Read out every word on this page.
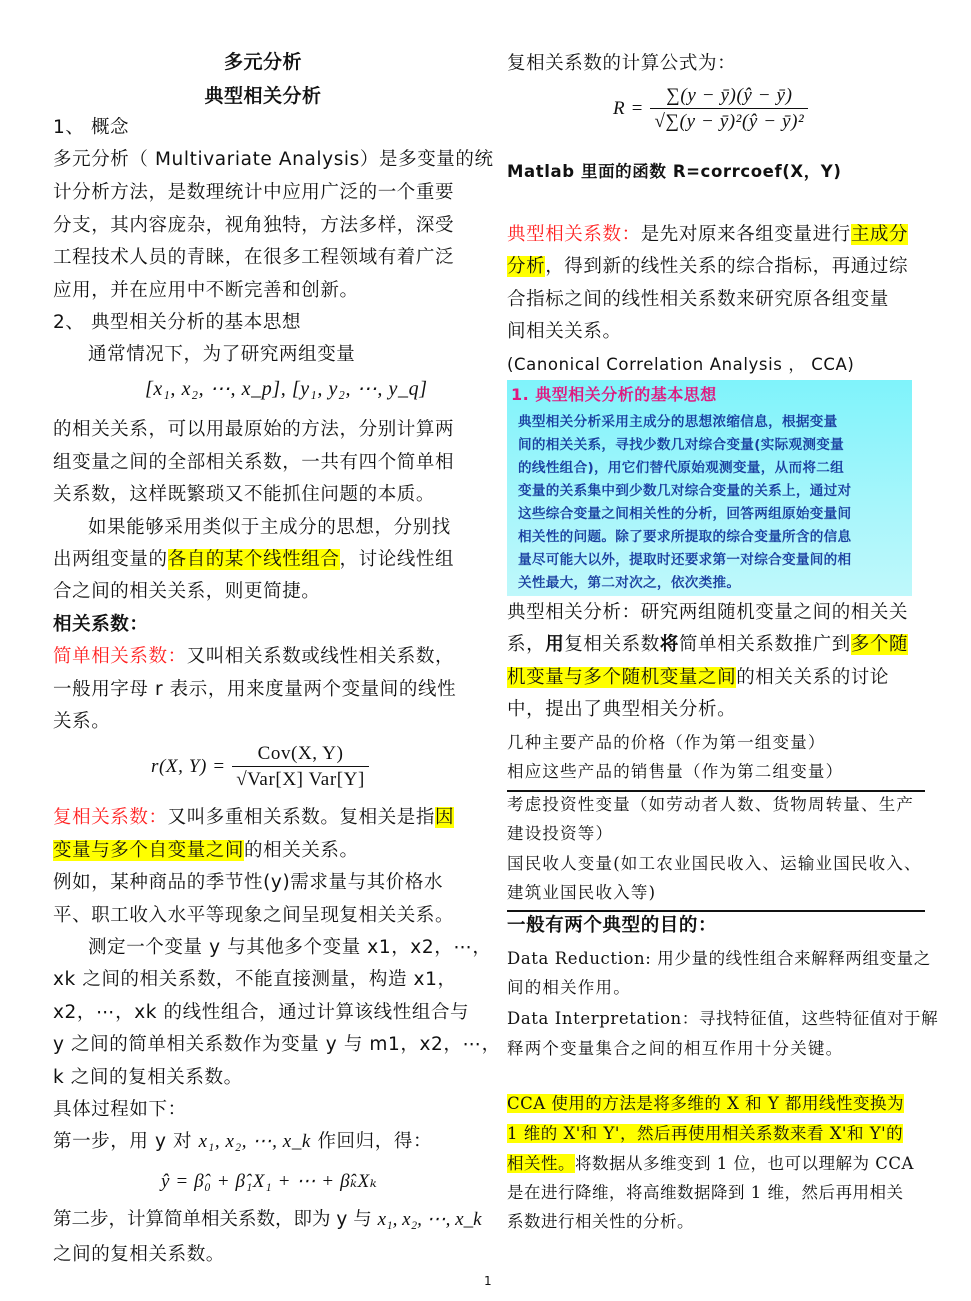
多元分析
典型相关分析
1、 概念
多元分析（ Multivariate Analysis）是多变量的统
计分析方法，是数理统计中应用广泛的一个重要
分支，其内容庞杂，视角独特，方法多样，深受
工程技术人员的青睐，在很多工程领域有着广泛
应用，并在应用中不断完善和创新。
2、 典型相关分析的基本思想
通常情况下，为了研究两组变量
[x₁, x₂, ⋯, x_p], [y₁, y₂, ⋯, y_q]
的相关关系，可以用最原始的方法，分别计算两
组变量之间的全部相关系数，一共有四个简单相
关系数，这样既繁琐又不能抓住问题的本质。
如果能够采用类似于主成分的思想，分别找
出两组变量的各自的某个线性组合，讨论线性组
合之间的相关关系，则更简捷。
相关系数：
简单相关系数：又叫相关系数或线性相关系数，
一般用字母 r 表示，用来度量两个变量间的线性
关系。
r(X, $Y) = \frac{\text{Cov(X, Y)}}{\text{√Var[X] Var[Y]}}$
复相关系数：又叫多重相关系数。复相关是指因
变量与多个自变量之间的相关关系。
例如，某种商品的季节性(y)需求量与其价格水
平、职工收入水平等现象之间呈现复相关关系。
测定一个变量 y 与其他多个变量 x1，x2，⋯，
xk 之间的相关系数，不能直接测量，构造 x1，
x2，⋯，xk 的线性组合，通过计算该线性组合与
y 之间的简单相关系数作为变量 y 与 m1，x2，⋯，
k 之间的复相关系数。
具体过程如下：
第一步，用 y 对 x₁, x₂, ⋯, x_k 作回归，得：
ŷ = β̂₀ + β̂₁X₁ + ⋯ + β̂ₖXₖ
第二步，计算简单相关系数，即为 y 与 x₁, x₂, ⋯, x_k
之间的复相关系数。
复相关系数的计算公式为：
$R = \frac{\sum(y - ȳ)(ŷ - ȳ)}{\text{√∑(y − ȳ)²(ŷ − ȳ)²}}$
Matlab 里面的函数 R=corrcoef(X，Y)
典型相关系数：是先对原来各组变量进行主成分
分析，得到新的线性关系的综合指标，再通过综
合指标之间的线性相关系数来研究原各组变量
间相关关系。
(Canonical Correlation Analysis ， CCA)
1. 典型相关分析的基本思想
典型相关分析采用主成分的思想浓缩信息，根据变量
间的相关关系，寻找少数几对综合变量(实际观测变量
的线性组合)，用它们替代原始观测变量，从而将二组
变量的关系集中到少数几对综合变量的关系上，通过对
这些综合变量之间相关性的分析，回答两组原始变量间
相关性的问题。除了要求所提取的综合变量所含的信息
量尽可能大以外，提取时还要求第一对综合变量间的相
关性最大，第二对次之，依次类推。
典型相关分析：研究两组随机变量之间的相关关
系，用复相关系数将简单相关系数推广到多个随
机变量与多个随机变量之间的相关关系的讨论
中，提出了典型相关分析。
几种主要产品的价格（作为第一组变量）
相应这些产品的销售量（作为第二组变量）
考虑投资性变量（如劳动者人数、货物周转量、生产
建设投资等）
国民收人变量(如工农业国民收入、运输业国民收入、
建筑业国民收入等)
一般有两个典型的目的：
Data Reduction: 用少量的线性组合来解释两组变量之
间的相关作用。
Data Interpretation：寻找特征值，这些特征值对于解
释两个变量集合之间的相互作用十分关键。
CCA 使用的方法是将多维的 X 和 Y 都用线性变换为
1 维的 X'和 Y'，然后再使用相关系数来看 X'和 Y'的
相关性。将数据从多维变到 1 位，也可以理解为 CCA
是在进行降维，将高维数据降到 1 维，然后再用相关
系数进行相关性的分析。
1
